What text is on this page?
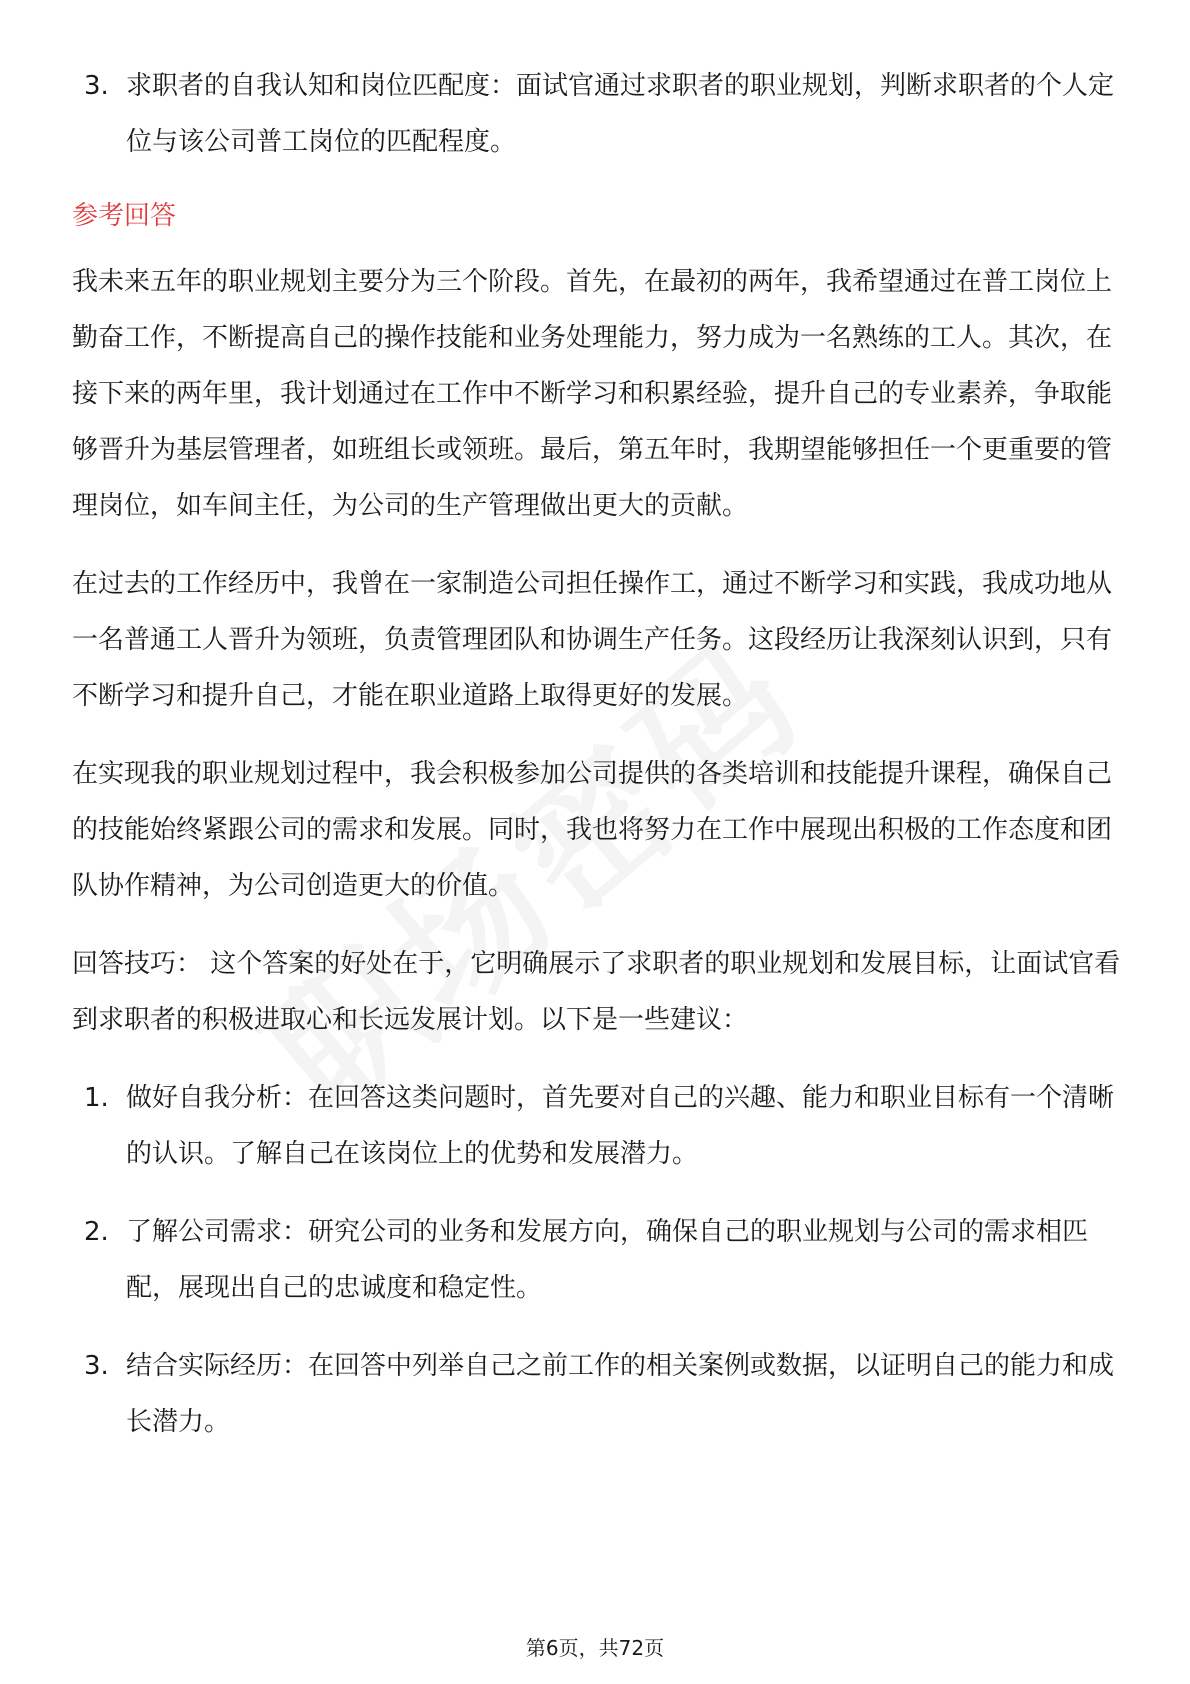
3. 求职者的自我认知和岗位匹配度：面试官通过求职者的职业规划，判断求职者的个人定位与该公司普工岗位的匹配程度。
参考回答
我未来五年的职业规划主要分为三个阶段。首先，在最初的两年，我希望通过在普工岗位上勤奋工作，不断提高自己的操作技能和业务处理能力，努力成为一名熟练的工人。其次，在接下来的两年里，我计划通过在工作中不断学习和积累经验，提升自己的专业素养，争取能够晋升为基层管理者，如班组长或领班。最后，第五年时，我期望能够担任一个更重要的管理岗位，如车间主任，为公司的生产管理做出更大的贡献。
在过去的工作经历中，我曾在一家制造公司担任操作工，通过不断学习和实践，我成功地从一名普通工人晋升为领班，负责管理团队和协调生产任务。这段经历让我深刻认识到，只有不断学习和提升自己，才能在职业道路上取得更好的发展。
在实现我的职业规划过程中，我会积极参加公司提供的各类培训和技能提升课程，确保自己的技能始终紧跟公司的需求和发展。同时，我也将努力在工作中展现出积极的工作态度和团队协作精神，为公司创造更大的价值。
回答技巧： 这个答案的好处在于，它明确展示了求职者的职业规划和发展目标，让面试官看到求职者的积极进取心和长远发展计划。以下是一些建议：
1. 做好自我分析：在回答这类问题时，首先要对自己的兴趣、能力和职业目标有一个清晰的认识。了解自己在该岗位上的优势和发展潜力。
2. 了解公司需求：研究公司的业务和发展方向，确保自己的职业规划与公司的需求相匹配，展现出自己的忠诚度和稳定性。
3. 结合实际经历：在回答中列举自己之前工作的相关案例或数据，以证明自己的能力和成长潜力。
第6页，共72页
